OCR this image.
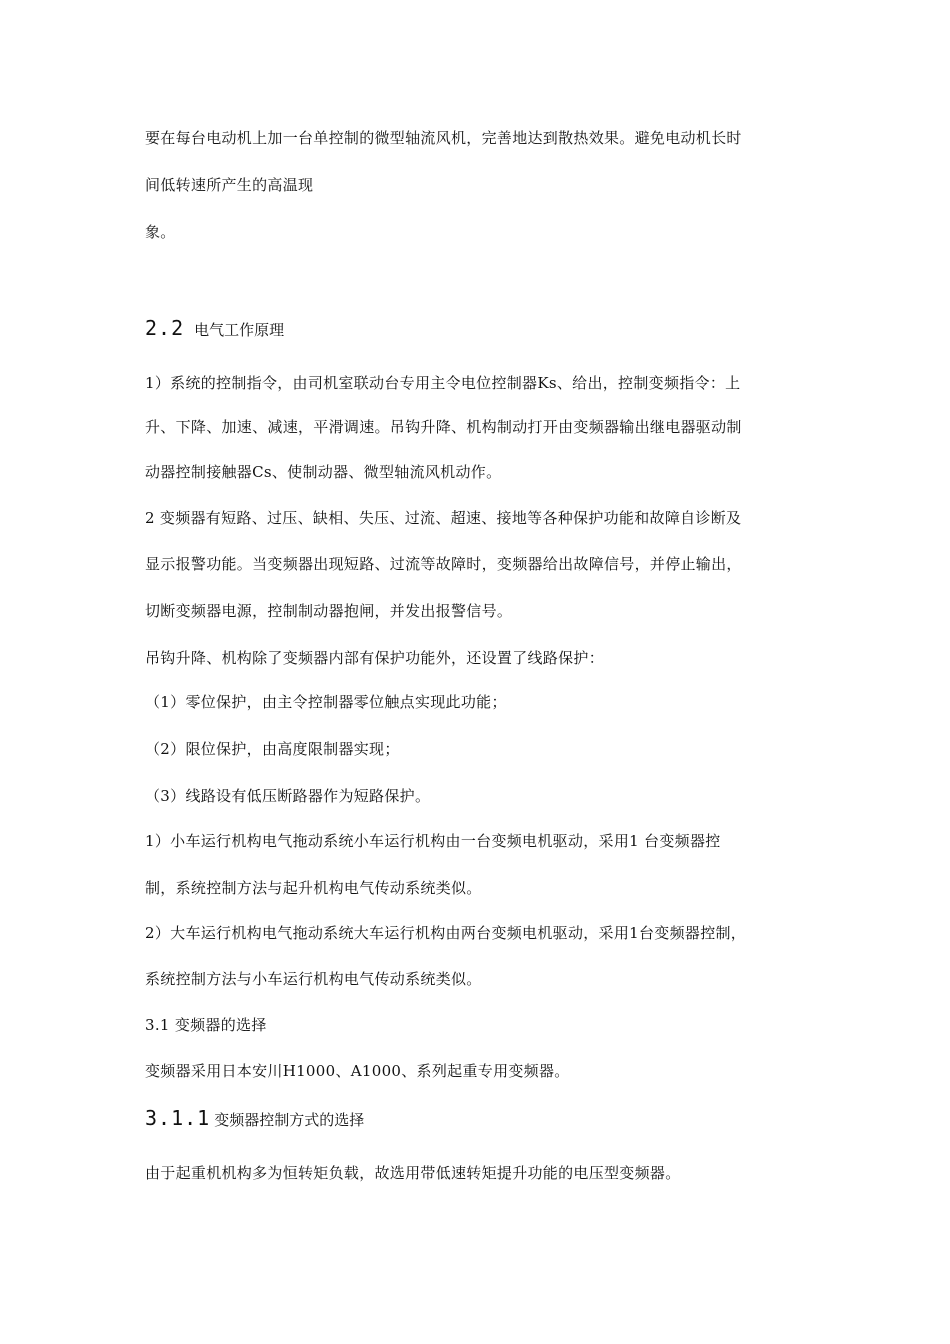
要在每台电动机上加一台单控制的微型轴流风机，完善地达到散热效果。避免电动机长时
间低转速所产生的高温现
象。
2.2 电气工作原理
1）系统的控制指令，由司机室联动台专用主令电位控制器Ks、给出，控制变频指令：上
升、下降、加速、减速，平滑调速。吊钩升降、机构制动打开由变频器输出继电器驱动制
动器控制接触器Cs、使制动器、微型轴流风机动作。
2 变频器有短路、过压、缺相、失压、过流、超速、接地等各种保护功能和故障自诊断及
显示报警功能。当变频器出现短路、过流等故障时，变频器给出故障信号，并停止输出，
切断变频器电源，控制制动器抱闸，并发出报警信号。
吊钩升降、机构除了变频器内部有保护功能外，还设置了线路保护：
（1）零位保护，由主令控制器零位触点实现此功能；
（2）限位保护，由高度限制器实现；
（3）线路设有低压断路器作为短路保护。
1）小车运行机构电气拖动系统小车运行机构由一台变频电机驱动，采用1 台变频器控
制，系统控制方法与起升机构电气传动系统类似。
2）大车运行机构电气拖动系统大车运行机构由两台变频电机驱动，采用1台变频器控制，
系统控制方法与小车运行机构电气传动系统类似。
3.1 变频器的选择
变频器采用日本安川H1000、A1000、系列起重专用变频器。
3.1.1 变频器控制方式的选择
由于起重机机构多为恒转矩负载，故选用带低速转矩提升功能的电压型变频器。
